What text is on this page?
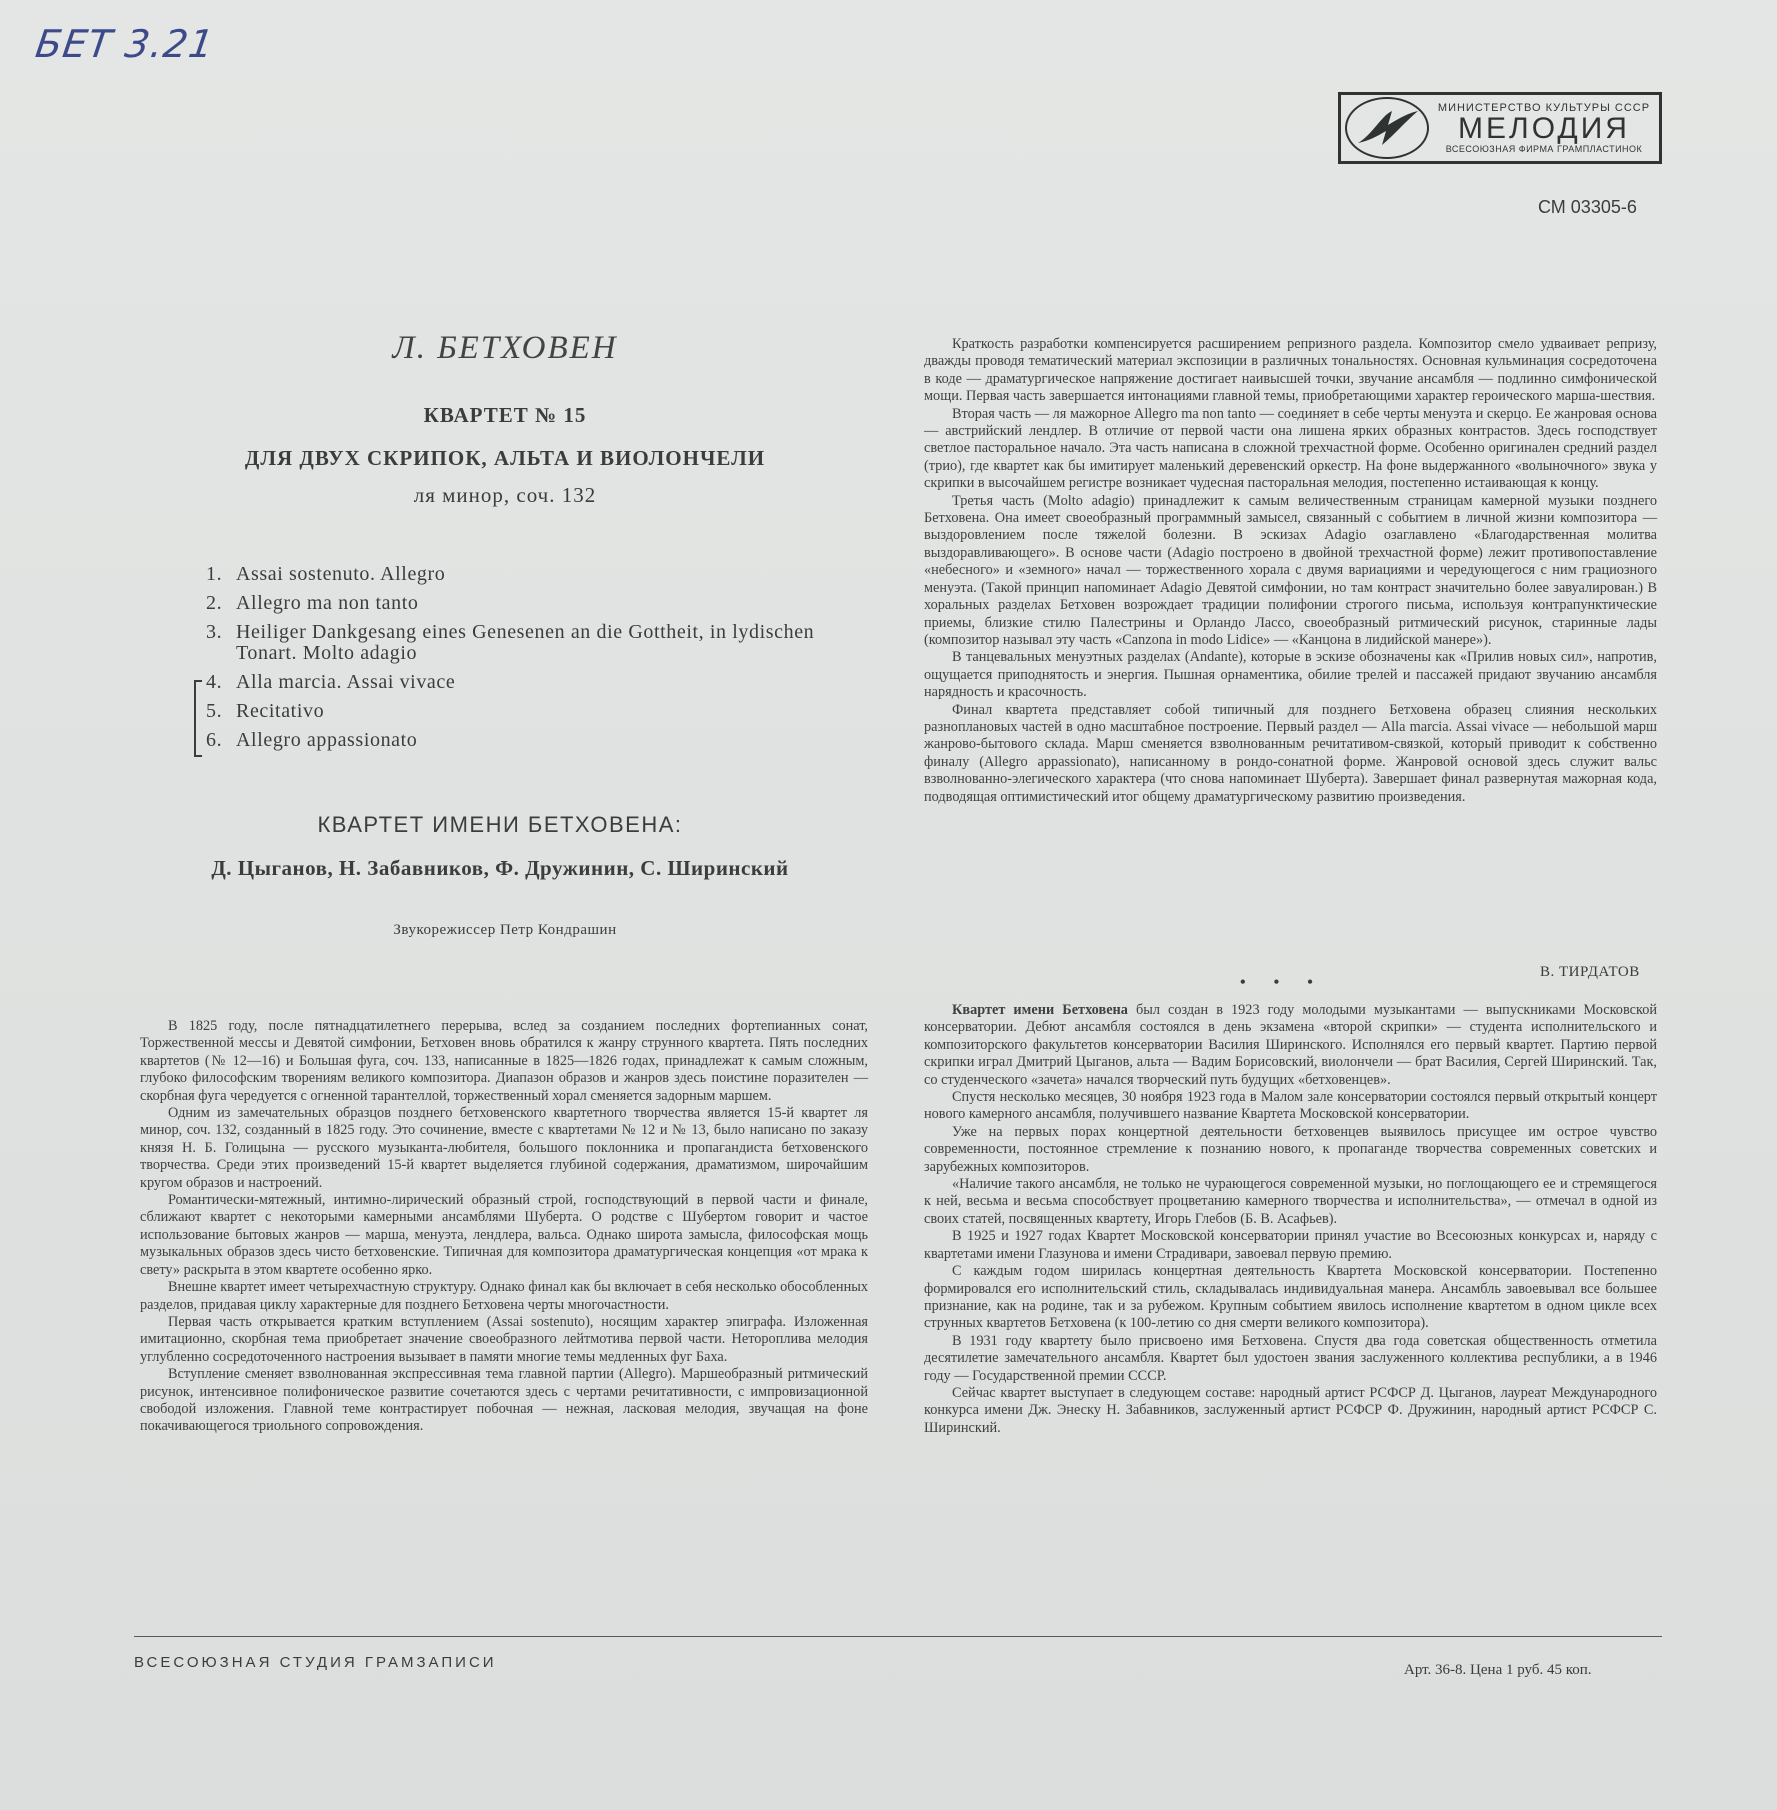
БЕТ 3.21
МИНИСТЕРСТВО КУЛЬТУРЫ СССР
МЕЛОДИЯ
ВСЕСОЮЗНАЯ ФИРМА ГРАМПЛАСТИНОК
СМ 03305-6

Л. БЕТХОВЕН

КВАРТЕТ № 15
ДЛЯ ДВУХ СКРИПОК, АЛЬТА И ВИОЛОНЧЕЛИ
ля минор, соч. 132
1. Assai sostenuto. Allegro
2. Allegro ma non tanto
3. Heiliger Dankgesang eines Genesenen an die Gottheit, in lydischen Tonart. Molto adagio
4. Alla marcia. Assai vivace
5. Recitativo
6. Allegro appassionato
КВАРТЕТ ИМЕНИ БЕТХОВЕНА:
Д. Цыганов, Н. Забавников, Ф. Дружинин, С. Ширинский
Звукорежиссер Петр Кондрашин

В 1825 году, после пятнадцатилетнего перерыва, вслед за созданием последних фортепианных сонат, Торжественной мессы и Девятой симфонии, Бетховен вновь обратился к жанру струнного квартета. Пять последних квартетов (№ 12—16) и Большая фуга, соч. 133, написанные в 1825—1826 годах, принадлежат к самым сложным, глубоко философским творениям великого композитора. Диапазон образов и жанров здесь поистине поразителен — скорбная фуга чередуется с огненной тарантеллой, торжественный хорал сменяется задорным маршем.

Одним из замечательных образцов позднего бетховенского квартетного творчества является 15-й квартет ля минор, соч. 132, созданный в 1825 году. Это сочинение, вместе с квартетами № 12 и № 13, было написано по заказу князя Н. Б. Голицына — русского музыканта-любителя, большого поклонника и пропагандиста бетховенского творчества. Среди этих произведений 15-й квартет выделяется глубиной содержания, драматизмом, широчайшим кругом образов и настроений.

Романтически-мятежный, интимно-лирический образный строй, господствующий в первой части и финале, сближают квартет с некоторыми камерными ансамблями Шуберта. О родстве с Шубертом говорит и частое использование бытовых жанров — марша, менуэта, лендлера, вальса. Однако широта замысла, философская мощь музыкальных образов здесь чисто бетховенские. Типичная для композитора драматургическая концепция «от мрака к свету» раскрыта в этом квартете особенно ярко.

Внешне квартет имеет четырехчастную структуру. Однако финал как бы включает в себя несколько обособленных разделов, придавая циклу характерные для позднего Бетховена черты многочастности.

Первая часть открывается кратким вступлением (Assai sostenuto), носящим характер эпиграфа. Изложенная имитационно, скорбная тема приобретает значение своеобразного лейтмотива первой части. Нетороплива мелодия углубленно сосредоточенного настроения вызывает в памяти многие темы медленных фуг Баха.

Вступление сменяет взволнованная экспрессивная тема главной партии (Allegro). Маршеобразный ритмический рисунок, интенсивное полифоническое развитие сочетаются здесь с чертами речитативности, с импровизационной свободой изложения. Главной теме контрастирует побочная — нежная, ласковая мелодия, звучащая на фоне покачивающегося триольного сопровождения.

Краткость разработки компенсируется расширением репризного раздела. Композитор смело удваивает репризу, дважды проводя тематический материал экспозиции в различных тональностях. Основная кульминация сосредоточена в коде — драматургическое напряжение достигает наивысшей точки, звучание ансамбля — подлинно симфонической мощи. Первая часть завершается интонациями главной темы, приобретающими характер героического марша-шествия.

Вторая часть — ля мажорное Allegro ma non tanto — соединяет в себе черты менуэта и скерцо. Ее жанровая основа — австрийский лендлер. В отличие от первой части она лишена ярких образных контрастов. Здесь господствует светлое пасторальное начало. Эта часть написана в сложной трехчастной форме. Особенно оригинален средний раздел (трио), где квартет как бы имитирует маленький деревенский оркестр. На фоне выдержанного «волыночного» звука у скрипки в высочайшем регистре возникает чудесная пасторальная мелодия, постепенно истаивающая к концу.

Третья часть (Molto adagio) принадлежит к самым величественным страницам камерной музыки позднего Бетховена. Она имеет своеобразный программный замысел, связанный с событием в личной жизни композитора — выздоровлением после тяжелой болезни. В эскизах Adagio озаглавлено «Благодарственная молитва выздоравливающего». В основе части (Adagio построено в двойной трехчастной форме) лежит противопоставление «небесного» и «земного» начал — торжественного хорала с двумя вариациями и чередующегося с ним грациозного менуэта. (Такой принцип напоминает Adagio Девятой симфонии, но там контраст значительно более завуалирован.) В хоральных разделах Бетховен возрождает традиции полифонии строгого письма, используя контрапунктические приемы, близкие стилю Палестрины и Орландо Лассо, своеобразный ритмический рисунок, старинные лады (композитор называл эту часть «Canzona in modo Lidice» — «Канцона в лидийской манере»).

В танцевальных менуэтных разделах (Andante), которые в эскизе обозначены как «Прилив новых сил», напротив, ощущается приподнятость и энергия. Пышная орнаментика, обилие трелей и пассажей придают звучанию ансамбля нарядность и красочность.

Финал квартета представляет собой типичный для позднего Бетховена образец слияния нескольких разноплановых частей в одно масштабное построение. Первый раздел — Alla marcia. Assai vivace — небольшой марш жанрово-бытового склада. Марш сменяется взволнованным речитативом-связкой, который приводит к собственно финалу (Allegro appassionato), написанному в рондо-сонатной форме. Жанровой основой здесь служит вальс взволнованно-элегического характера (что снова напоминает Шуберта). Завершает финал развернутая мажорная кода, подводящая оптимистический итог общему драматургическому развитию произведения.

• • •
В. ТИРДАТОВ

Квартет имени Бетховена был создан в 1923 году молодыми музыкантами — выпускниками Московской консерватории. Дебют ансамбля состоялся в день экзамена «второй скрипки» — студента исполнительского и композиторского факультетов консерватории Василия Ширинского. Исполнялся его первый квартет. Партию первой скрипки играл Дмитрий Цыганов, альта — Вадим Борисовский, виолончели — брат Василия, Сергей Ширинский. Так, со студенческого «зачета» начался творческий путь будущих «бетховенцев».

Спустя несколько месяцев, 30 ноября 1923 года в Малом зале консерватории состоялся первый открытый концерт нового камерного ансамбля, получившего название Квартета Московской консерватории.

Уже на первых порах концертной деятельности бетховенцев выявилось присущее им острое чувство современности, постоянное стремление к познанию нового, к пропаганде творчества современных советских и зарубежных композиторов.

«Наличие такого ансамбля, не только не чурающегося современной музыки, но поглощающего ее и стремящегося к ней, весьма и весьма способствует процветанию камерного творчества и исполнительства», — отмечал в одной из своих статей, посвященных квартету, Игорь Глебов (Б. В. Асафьев).

В 1925 и 1927 годах Квартет Московской консерватории принял участие во Всесоюзных конкурсах и, наряду с квартетами имени Глазунова и имени Страдивари, завоевал первую премию.

С каждым годом ширилась концертная деятельность Квартета Московской консерватории. Постепенно формировался его исполнительский стиль, складывалась индивидуальная манера. Ансамбль завоевывал все большее признание, как на родине, так и за рубежом. Крупным событием явилось исполнение квартетом в одном цикле всех струнных квартетов Бетховена (к 100-летию со дня смерти великого композитора).

В 1931 году квартету было присвоено имя Бетховена. Спустя два года советская общественность отметила десятилетие замечательного ансамбля. Квартет был удостоен звания заслуженного коллектива республики, а в 1946 году — Государственной премии СССР.

Сейчас квартет выступает в следующем составе: народный артист РСФСР Д. Цыганов, лауреат Международного конкурса имени Дж. Энеску Н. Забавников, заслуженный артист РСФСР Ф. Дружинин, народный артист РСФСР С. Ширинский.

ВСЕСОЮЗНАЯ СТУДИЯ ГРАМЗАПИСИ	Арт. 36-8. Цена 1 руб. 45 коп.
